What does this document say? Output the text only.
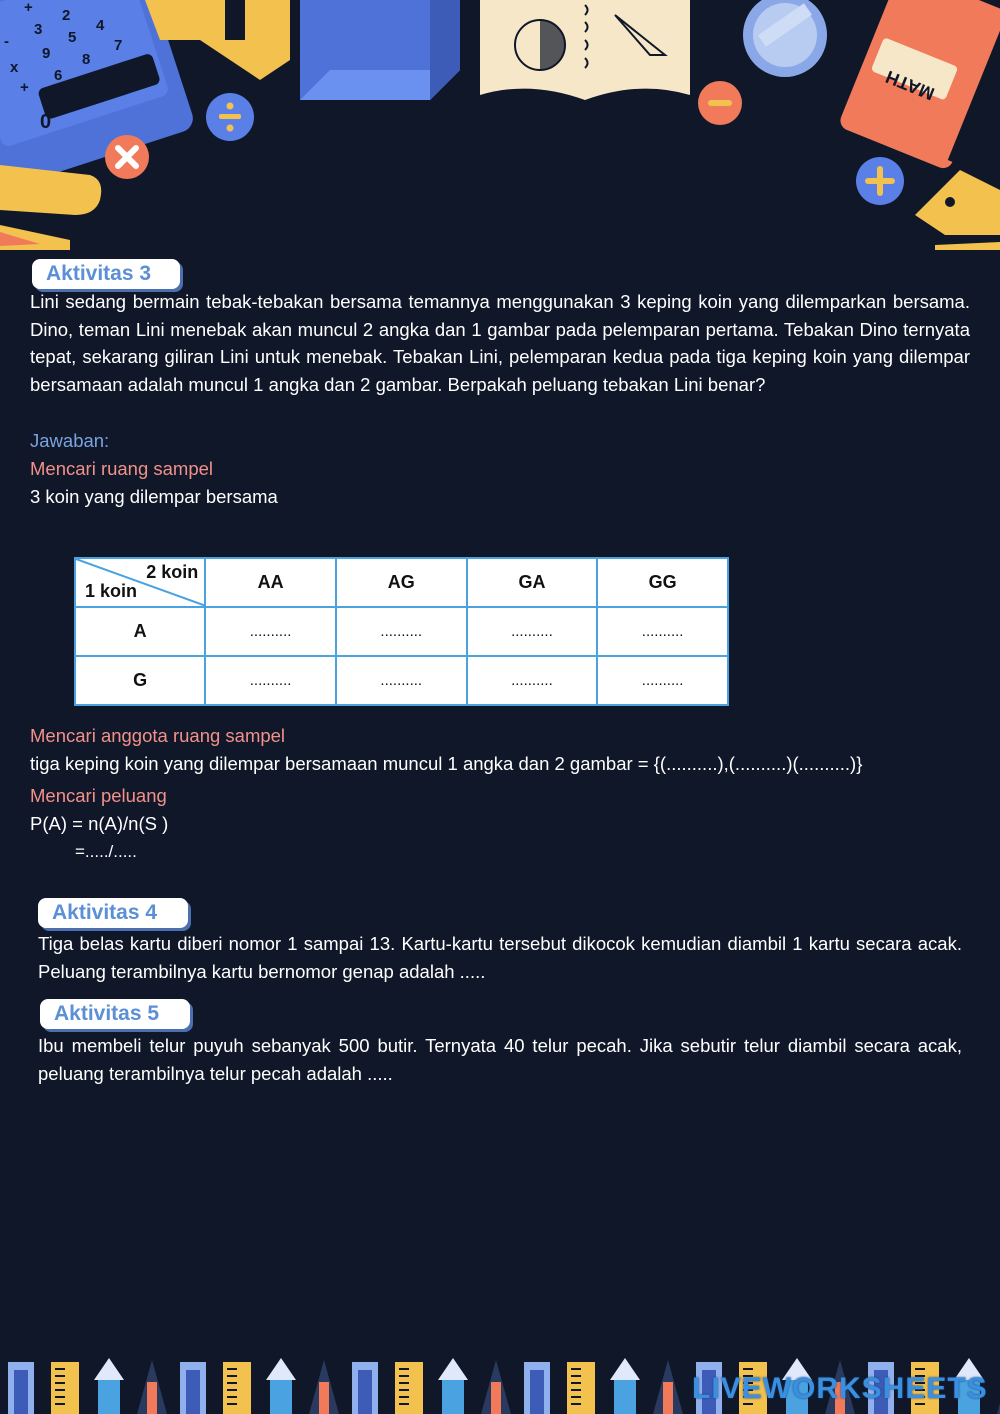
0
+ 2
-
3 5
4
x
9 8
7
+
6	MATH
Aktivitas 3
Lini sedang bermain tebak-tebakan bersama temannya menggunakan 3 keping koin yang dilemparkan bersama. Dino, teman Lini menebak akan muncul 2 angka dan 1 gambar pada pelemparan pertama. Tebakan Dino ternyata tepat, sekarang giliran Lini untuk menebak. Tebakan Lini, pelemparan kedua pada tiga keping koin yang dilempar bersamaan adalah muncul 1 angka dan 2 gambar. Berpakah peluang tebakan Lini benar?
Jawaban:
Mencari ruang sampel
3 koin yang dilempar bersama
2 koin
1 koin	AA	AG	GA	GG
A	..........	..........	..........	..........
G	..........	..........	..........	..........
Mencari anggota ruang sampel
tiga keping koin yang dilempar bersamaan muncul 1 angka dan 2 gambar = {(..........),(..........)(..........)}
Mencari peluang
P(A) = n(A)/n(S )
=...../.....
Aktivitas 4
Tiga belas kartu diberi nomor 1 sampai 13. Kartu-kartu tersebut dikocok kemudian diambil 1 kartu secara acak. Peluang terambilnya kartu bernomor genap adalah .....
Aktivitas 5
Ibu membeli telur puyuh sebanyak 500 butir. Ternyata 40 telur pecah. Jika sebutir telur diambil secara acak, peluang terambilnya telur pecah adalah .....
LIVEWORKSHEETS
